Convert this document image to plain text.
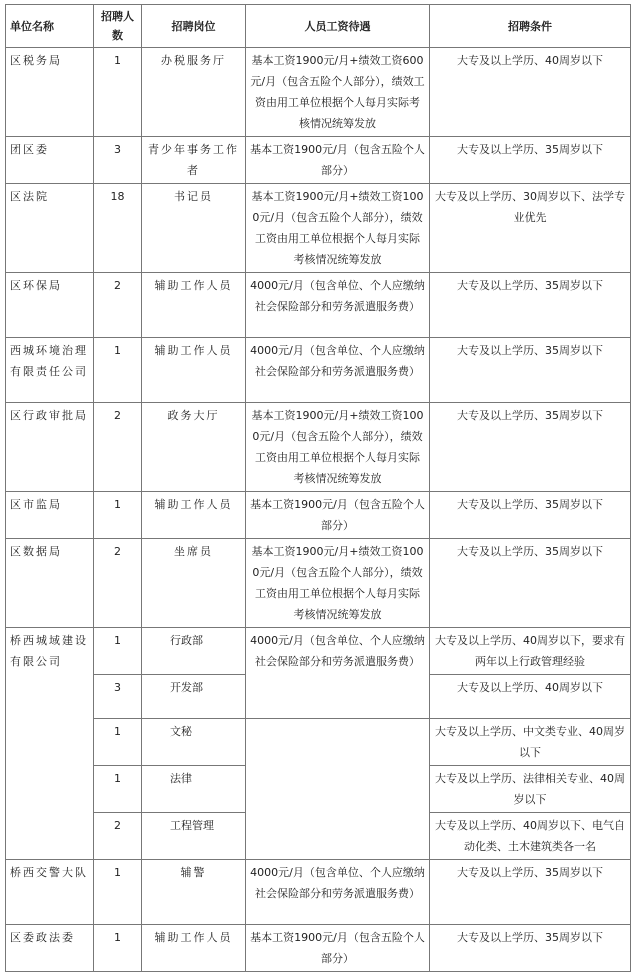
单位名称	招聘人数	招聘岗位	人员工资待遇	招聘条件
区税务局	1	办税服务厅	基本工资1900元/月+绩效工资600元/月（包含五险个人部分），绩效工资由用工单位根据个人每月实际考核情况统筹发放	大专及以上学历、40周岁以下
团区委	3	青少年事务工作者	基本工资1900元/月（包含五险个人部分）	大专及以上学历、35周岁以下
区法院	18	书记员	基本工资1900元/月+绩效工资1000元/月（包含五险个人部分），绩效工资由用工单位根据个人每月实际考核情况统筹发放	大专及以上学历、30周岁以下、法学专业优先
区环保局	2	辅助工作人员	4000元/月（包含单位、个人应缴纳社会保险部分和劳务派遣服务费）	大专及以上学历、35周岁以下
西城环境治理有限责任公司	1	辅助工作人员	4000元/月（包含单位、个人应缴纳社会保险部分和劳务派遣服务费）	大专及以上学历、35周岁以下
区行政审批局	2	政务大厅	基本工资1900元/月+绩效工资1000元/月（包含五险个人部分），绩效工资由用工单位根据个人每月实际考核情况统筹发放	大专及以上学历、35周岁以下
区市监局	1	辅助工作人员	基本工资1900元/月（包含五险个人部分）	大专及以上学历、35周岁以下
区数据局	2	坐席员	基本工资1900元/月+绩效工资1000元/月（包含五险个人部分），绩效工资由用工单位根据个人每月实际考核情况统筹发放	大专及以上学历、35周岁以下
桥西城域建设有限公司	1	行政部	4000元/月（包含单位、个人应缴纳社会保险部分和劳务派遣服务费）	大专及以上学历、40周岁以下，要求有两年以上行政管理经验
	3	开发部		大专及以上学历、40周岁以下
	1	文秘		大专及以上学历、中文类专业、40周岁以下
	1	法律		大专及以上学历、法律相关专业、40周岁以下
	2	工程管理		大专及以上学历、40周岁以下、电气自动化类、土木建筑类各一名
桥西交警大队	1	辅警	4000元/月（包含单位、个人应缴纳社会保险部分和劳务派遣服务费）	大专及以上学历、35周岁以下
区委政法委	1	辅助工作人员	基本工资1900元/月（包含五险个人部分）	大专及以上学历、35周岁以下
